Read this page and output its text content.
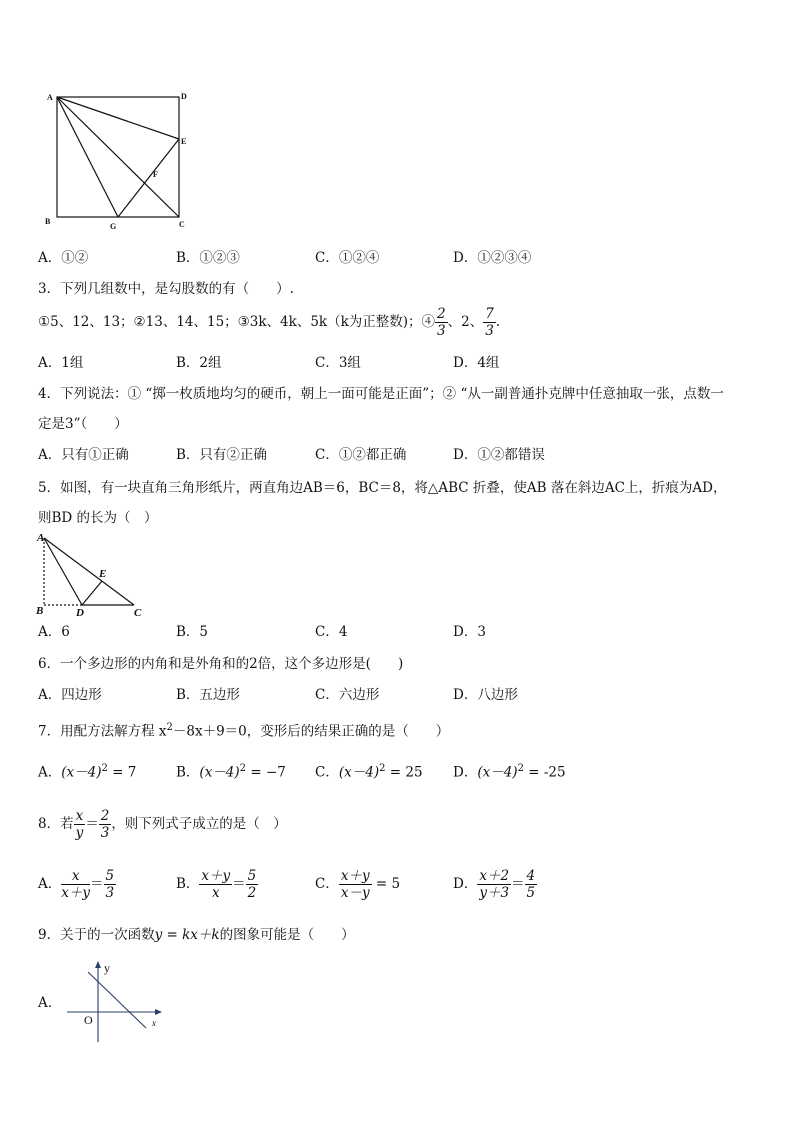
A	D
E
F
B
G	C
A．①②	B．①②③	C．①②④	D．①②③④
3．下列几组数中，是勾股数的有（　　）.
①5、12、13；②13、14、15；③3k、4k、5k（k为正整数)；④ $\frac{2}{3}$ 、2、 $\frac{7}{3}$ .
A．1组	B．2组	C．3组	D．4组
4．下列说法：① “掷一枚质地均匀的硬币，朝上一面可能是正面”；② “从一副普通扑克牌中任意抽取一张，点数一
定是3”（　　）
A．只有①正确	B．只有②正确	C．①②都正确	D．①②都错误
5．如图，有一块直角三角形纸片，两直角边AB＝6，BC＝8，将△ABC 折叠，使AB 落在斜边AC上，折痕为AD，
则BD 的长为（　）
A
E
B	D	C
A．6	B．5	C．4	D．3
6．一个多边形的内角和是外角和的2倍，这个多边形是(　　)
A．四边形	B．五边形	C．六边形	D．八边形
7．用配方法解方程 $x^2-8x+9=0$，变形后的结果正确的是（　　）
A．$(x-4)^2 = 7$	B．$(x-4)^2 = -7$ C．$(x-4)^2 = 25$ D．$(x-4)^2 = -25$
8．若 $\frac{x}{y} = \frac{2}{3}$ ，则下列式子成立的是（　）
A． $\frac{x}{x+y} = \frac{5}{3}$	B． $\frac{x+y}{x} = \frac{5}{2}$	C． $\frac{x+y}{x-y} = 5$	D． $\frac{x+2}{y+3} = \frac{4}{5}$
9．关于的一次函数y = kx＋k的图象可能是（　　）
A．
y
x
O
